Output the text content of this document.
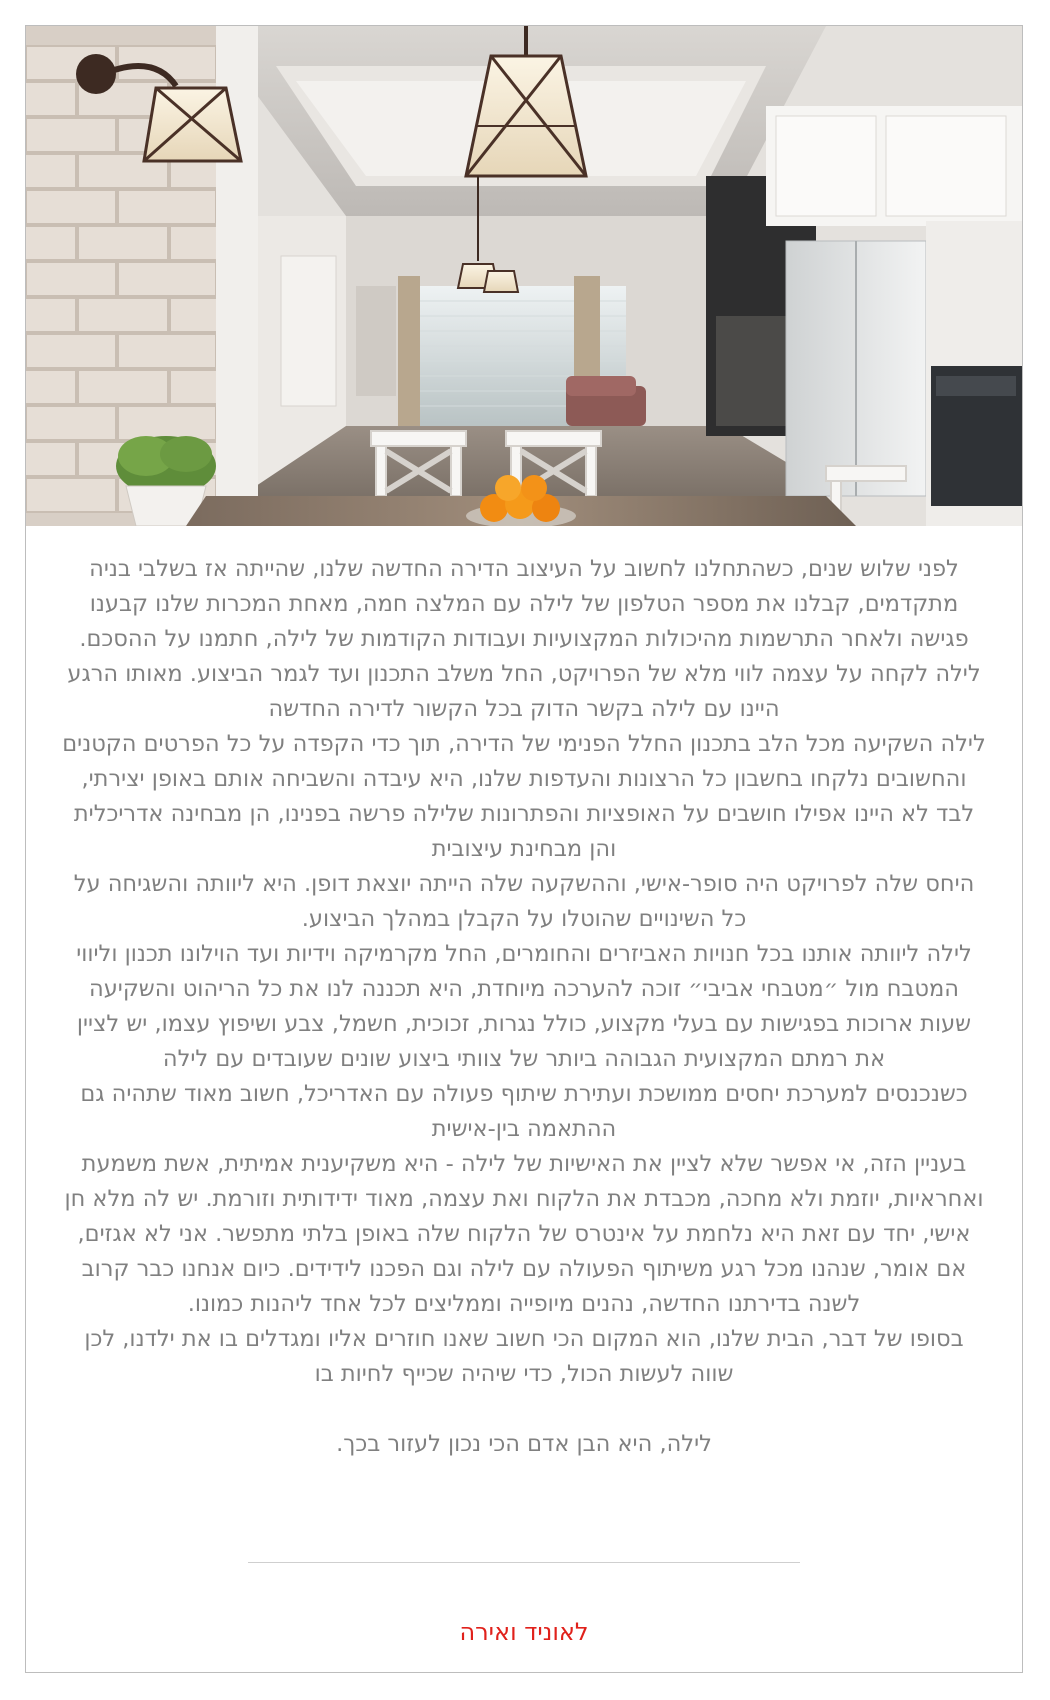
לפני שלוש שנים, כשהתחלנו לחשוב על העיצוב הדירה החדשה שלנו, שהייתה אז בשלבי בניה מתקדמים, קבלנו את מספר הטלפון של לילה עם המלצה חמה, מאחת המכרות שלנו קבענו פגישה ולאחר התרשמות מהיכולות המקצועיות ועבודות הקודמות של לילה, חתמנו על ההסכם. לילה לקחה על עצמה לווי מלא של הפרויקט, החל משלב התכנון ועד לגמר הביצוע. מאותו הרגע היינו עם לילה בקשר הדוק בכל הקשור לדירה החדשה

לילה השקיעה מכל הלב בתכנון החלל הפנימי של הדירה, תוך כדי הקפדה על כל הפרטים הקטנים והחשובים נלקחו בחשבון כל הרצונות והעדפות שלנו, היא עיבדה והשביחה אותם באופן יצירתי, לבד לא היינו אפילו חושבים על האופציות והפתרונות שלילה פרשה בפנינו, הן מבחינה אדריכלית והן מבחינת עיצובית

היחס שלה לפרויקט היה סופר-אישי, וההשקעה שלה הייתה יוצאת דופן. היא ליוותה והשגיחה על כל השינויים שהוטלו על הקבלן במהלך הביצוע.

לילה ליוותה אותנו בכל חנויות האביזרים והחומרים, החל מקרמיקה וידיות ועד הוילונו תכנון וליווי המטבח מול ״מטבחי אביבי״ זוכה להערכה מיוחדת, היא תכננה לנו את כל הריהוט והשקיעה שעות ארוכות בפגישות עם בעלי מקצוע, כולל נגרות, זכוכית, חשמל, צבע ושיפוץ עצמו, יש לציין את רמתם המקצועית הגבוהה ביותר של צוותי ביצוע שונים שעובדים עם לילה

כשנכנסים למערכת יחסים ממושכת ועתירת שיתוף פעולה עם האדריכל, חשוב מאוד שתהיה גם ההתאמה בין-אישית

בעניין הזה, אי אפשר שלא לציין את האישיות של לילה - היא משקיענית אמיתית, אשת משמעת ואחראיות, יוזמת ולא מחכה, מכבדת את הלקוח ואת עצמה, מאוד ידידותית וזורמת. יש לה מלא חן אישי, יחד עם זאת היא נלחמת על אינטרס של הלקוח שלה באופן בלתי מתפשר. אני לא אגזים, אם אומר, שנהנו מכל רגע משיתוף הפעולה עם לילה וגם הפכנו לידידים. כיום אנחנו כבר קרוב לשנה בדירתנו החדשה, נהנים מיופייה וממליצים לכל אחד ליהנות כמונו.

בסופו של דבר, הבית שלנו, הוא המקום הכי חשוב שאנו חוזרים אליו ומגדלים בו את ילדנו, לכן שווה לעשות הכול, כדי שיהיה שכייף לחיות בו

לילה, היא הבן אדם הכי נכון לעזור בכך.

לאוניד ואירה
